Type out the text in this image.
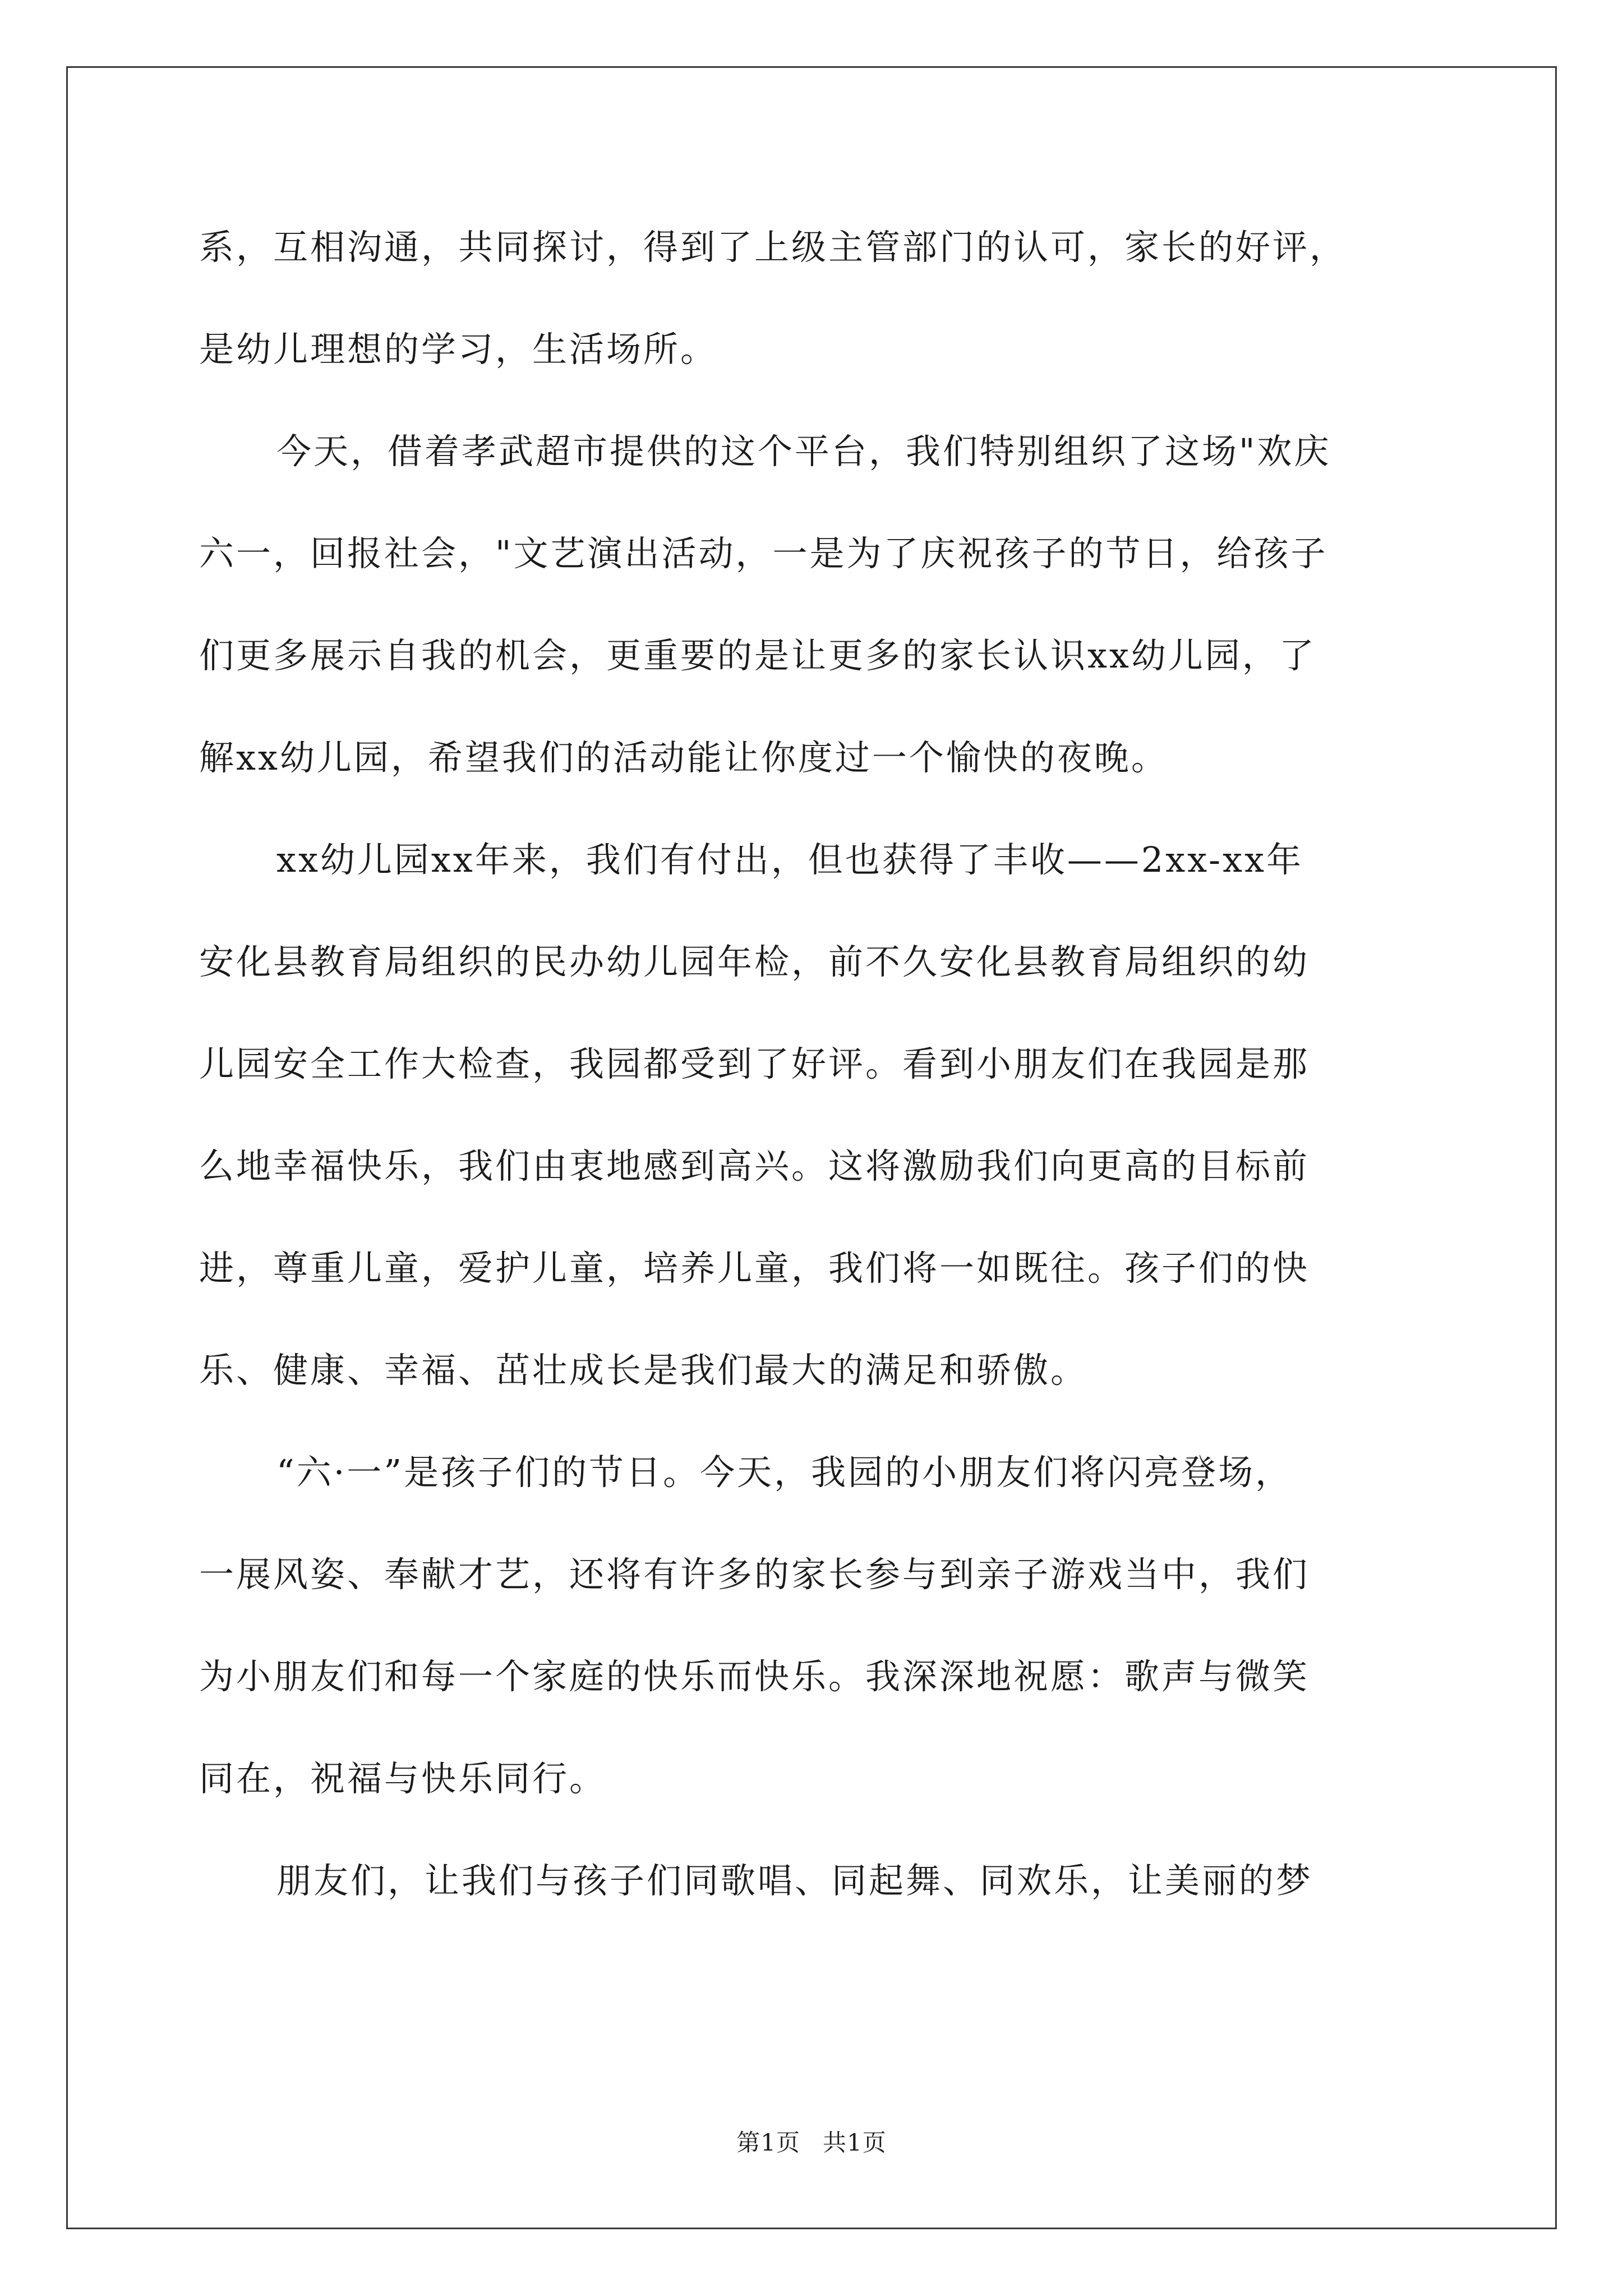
系，互相沟通，共同探讨，得到了上级主管部门的认可，家长的好评，
是幼儿理想的学习，生活场所。
今天，借着孝武超市提供的这个平台，我们特别组织了这场"欢庆
六一，回报社会，"文艺演出活动，一是为了庆祝孩子的节日，给孩子
们更多展示自我的机会，更重要的是让更多的家长认识xx幼儿园，了
解xx幼儿园，希望我们的活动能让你度过一个愉快的夜晚。
xx幼儿园xx年来，我们有付出，但也获得了丰收——2xx-xx年
安化县教育局组织的民办幼儿园年检，前不久安化县教育局组织的幼
儿园安全工作大检查，我园都受到了好评。看到小朋友们在我园是那
么地幸福快乐，我们由衷地感到高兴。这将激励我们向更高的目标前
进，尊重儿童，爱护儿童，培养儿童，我们将一如既往。孩子们的快
乐、健康、幸福、茁壮成长是我们最大的满足和骄傲。
“六·一”是孩子们的节日。今天，我园的小朋友们将闪亮登场，
一展风姿、奉献才艺，还将有许多的家长参与到亲子游戏当中，我们
为小朋友们和每一个家庭的快乐而快乐。我深深地祝愿：歌声与微笑
同在，祝福与快乐同行。
朋友们，让我们与孩子们同歌唱、同起舞、同欢乐，让美丽的梦
第1页 共1页
